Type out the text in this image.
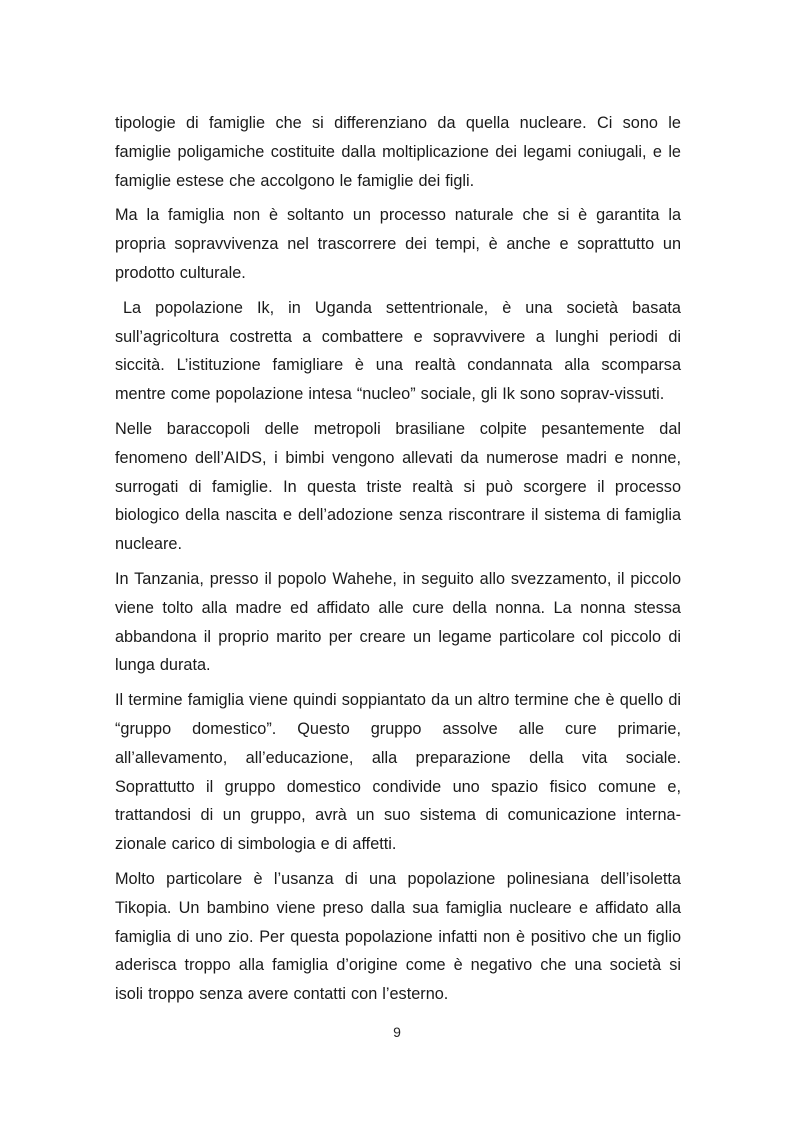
tipologie di famiglie che si differenziano da quella nucleare. Ci sono le famiglie poligamiche costituite dalla moltiplicazione dei legami coniugali, e le famiglie estese che accolgono le famiglie dei figli.

Ma la famiglia non è soltanto un processo naturale che si è garantita la propria sopravvivenza nel trascorrere dei tempi, è anche e soprattutto un prodotto culturale.

La popolazione Ik, in Uganda settentrionale, è una società basata sull’agricoltura costretta a combattere e sopravvivere a lunghi periodi di siccità. L’istituzione famigliare è una realtà condannata alla scomparsa mentre come popolazione intesa “nucleo” sociale, gli Ik sono soprav-vissuti.

Nelle baraccopoli delle metropoli brasiliane colpite pesantemente dal fenomeno dell’AIDS, i bimbi vengono allevati da numerose madri e nonne, surrogati di famiglie. In questa triste realtà si può scorgere il processo biologico della nascita e dell’adozione senza riscontrare il sistema di famiglia nucleare.

In Tanzania, presso il popolo Wahehe, in seguito allo svezzamento, il piccolo viene tolto alla madre ed affidato alle cure della nonna. La nonna stessa abbandona il proprio marito per creare un legame particolare col piccolo di lunga durata.

Il termine famiglia viene quindi soppiantato da un altro termine che è quello di “gruppo domestico”. Questo gruppo assolve alle cure primarie, all’allevamento, all’educazione, alla preparazione della vita sociale. Soprattutto il gruppo domestico condivide uno spazio fisico comune e, trattandosi di un gruppo, avrà un suo sistema di comunicazione interna-zionale carico di simbologia e di affetti.

Molto particolare è l’usanza di una popolazione polinesiana dell’isoletta Tikopia. Un bambino viene preso dalla sua famiglia nucleare e affidato alla famiglia di uno zio. Per questa popolazione infatti non è positivo che un figlio aderisca troppo alla famiglia d’origine come è negativo che una società si isoli troppo senza avere contatti con l’esterno.

9
